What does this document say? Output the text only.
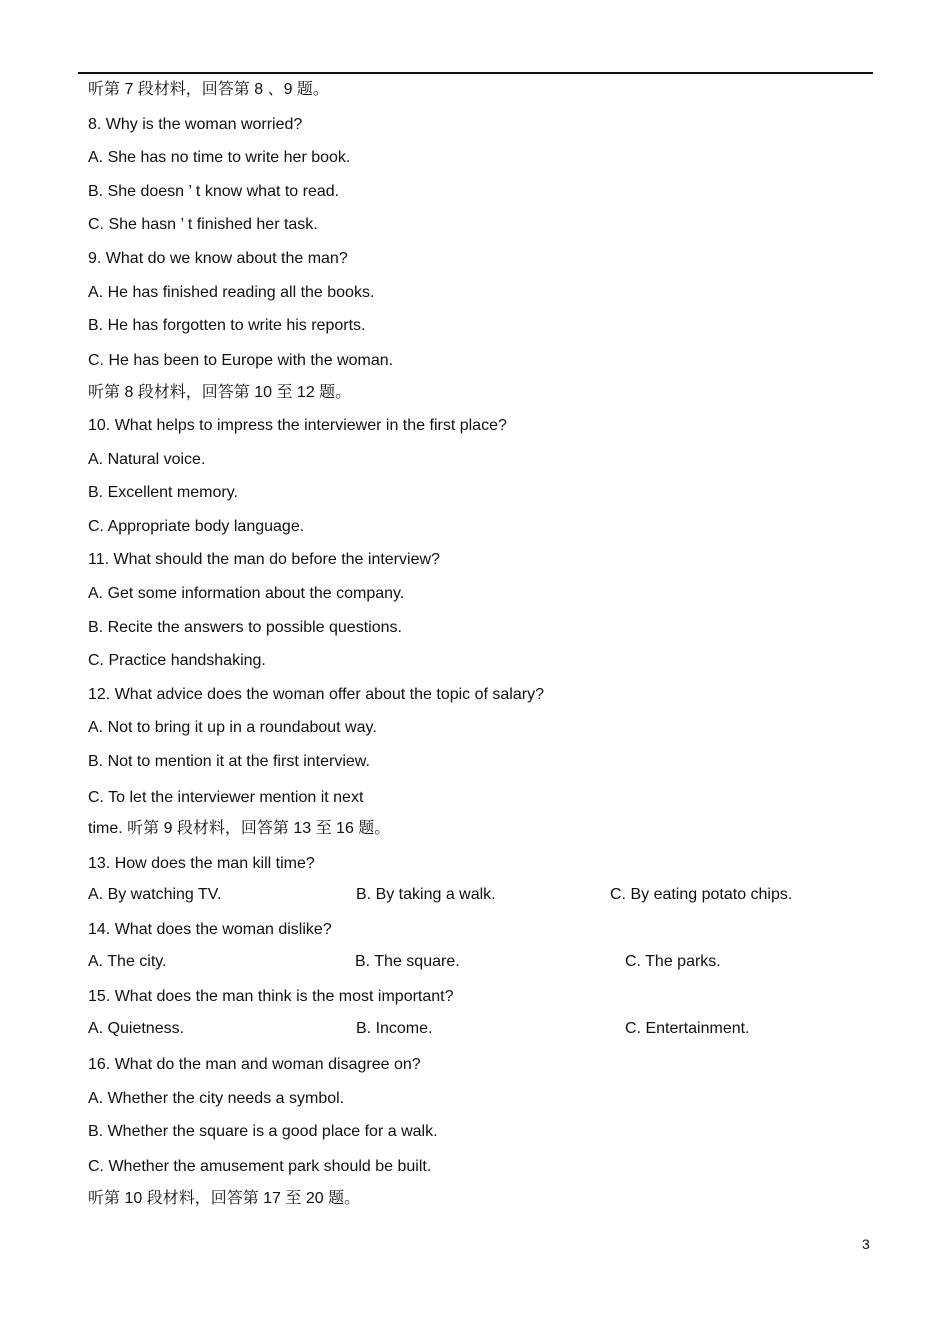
听第 7 段材料，回答第 8 、9 题。
8. Why is the woman worried?
A. She has no time to write her book.
B. She doesn ’ t know what to read.
C. She hasn ’ t finished her task.
9. What do we know about the man?
A. He has finished reading all the books.
B. He has forgotten to write his reports.
C. He has been to Europe with the woman.
听第 8 段材料，回答第 10 至 12 题。
10. What helps to impress the interviewer in the first place?
A. Natural voice.
B. Excellent memory.
C. Appropriate body language.
11. What should the man do before the interview?
A. Get some information about the company.
B. Recite the answers to possible questions.
C. Practice handshaking.
12. What advice does the woman offer about the topic of salary?
A. Not to bring it up in a roundabout way.
B. Not to mention it at the first interview.
C. To let the interviewer mention it next
time. 听第 9 段材料，回答第 13 至 16 题。
13. How does the man kill time?
A. By watching TV.	B. By taking a walk.	C. By eating potato chips.
14. What does the woman dislike?
A. The city.	B. The square.	C. The parks.
15. What does the man think is the most important?
A. Quietness.	B. Income.	C. Entertainment.
16. What do the man and woman disagree on?
A. Whether the city needs a symbol.
B. Whether the square is a good place for a walk.
C. Whether the amusement park should be built.
听第 10 段材料，回答第 17 至 20 题。
3
